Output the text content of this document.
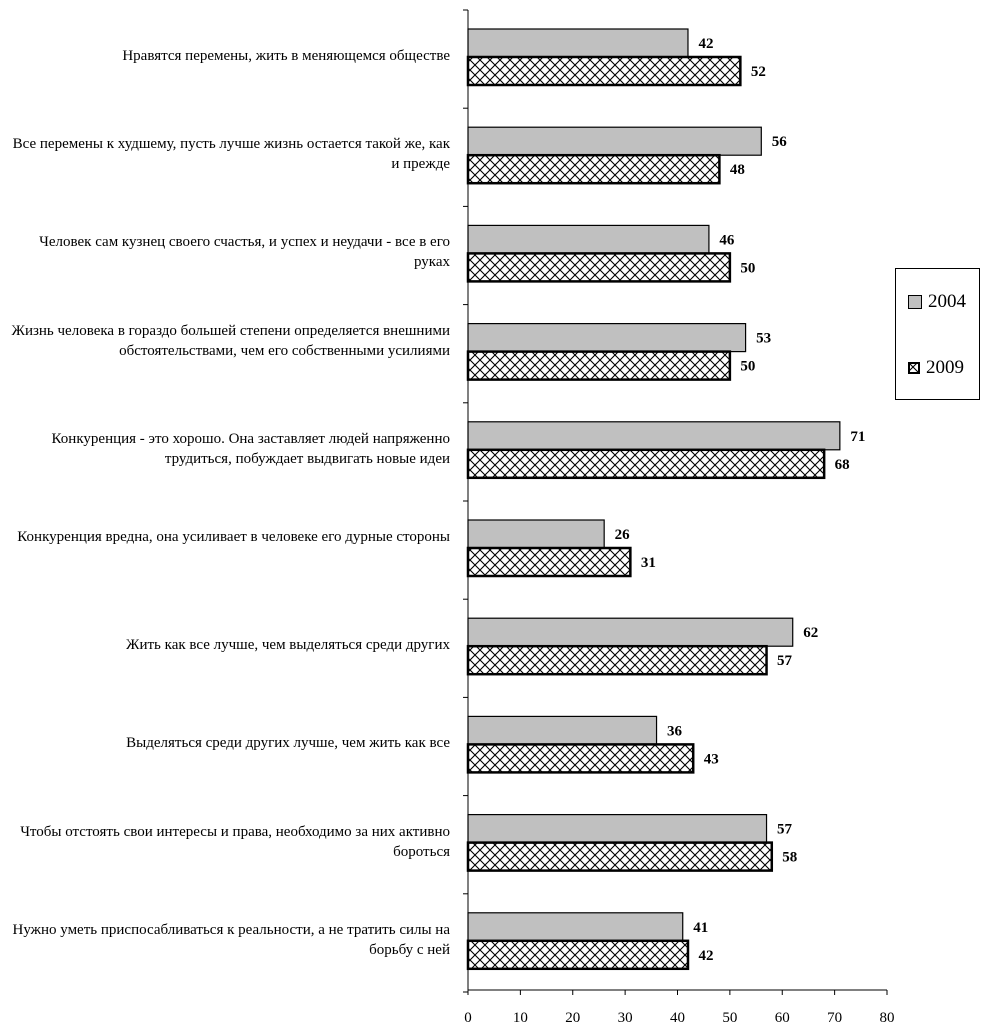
0	10 20 30 40 50 60 70 80
42
52
56
48
46
50
53
50
71
68
26
31
62
57
36
43
57
58
41
42
Нравятся перемены, жить в меняющемся обществе
Все перемены к худшему, пусть лучше жизнь остается такой же, как и прежде
Человек сам кузнец своего счастья, и успех и неудачи - все в его руках
Жизнь человека в гораздо большей степени определяется внешними обстоятельствами, чем его собственными усилиями
Конкуренция - это хорошо. Она заставляет людей напряженно трудиться, побуждает выдвигать новые идеи
Конкуренция вредна, она усиливает в человеке его дурные стороны
Жить как все лучше, чем выделяться среди других
Выделяться среди других лучше, чем жить как все
Чтобы отстоять свои интересы и права, необходимо за них активно бороться
Нужно уметь приспосабливаться к реальности, а не тратить силы на борьбу с ней
2004
2009
